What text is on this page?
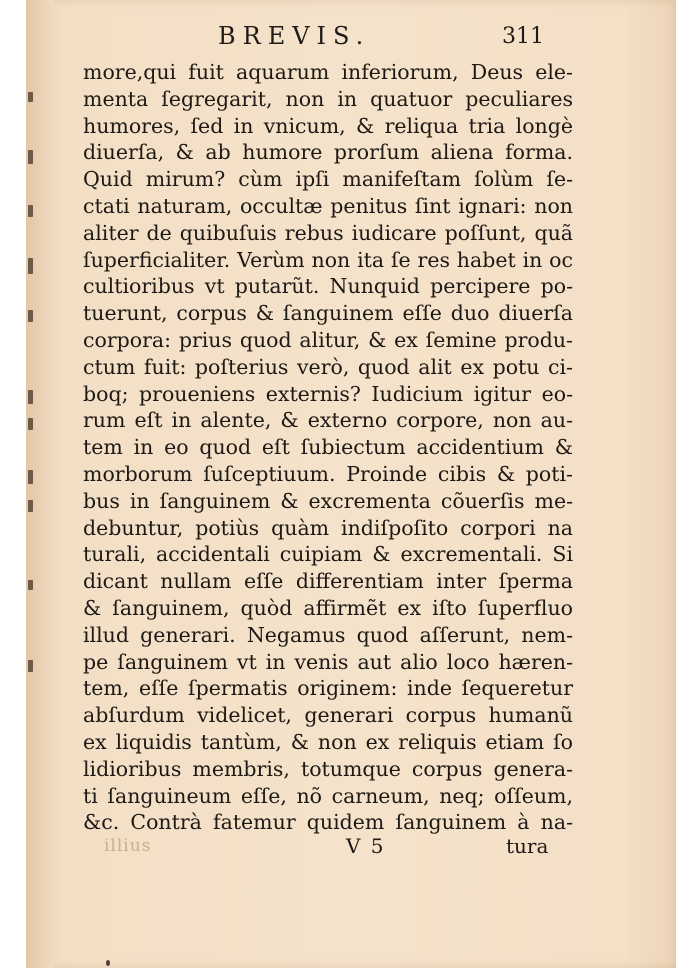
BREVIS.	311
more,qui fuit aquarum inferiorum, Deus ele-
menta ſegregarit, non in quatuor peculiares
humores, ſed in vnicum, & reliqua tria longè
diuerſa, & ab humore prorſum aliena forma.
Quid mirum? cùm ipſi manifeſtam ſolùm ſe-
ctati naturam, occultæ penitus ſint ignari: non
aliter de quibuſuis rebus iudicare poſſunt, quã
ſuperficialiter. Verùm non ita ſe res habet in oc
cultioribus vt putarũt. Nunquid percipere po-
tuerunt, corpus & ſanguinem eſſe duo diuerſa
corpora: prius quod alitur, & ex ſemine produ-
ctum fuit: poſterius verò, quod alit ex potu ci-
boq; proueniens externis? Iudicium igitur eo-
rum eſt in alente, & externo corpore, non au-
tem in eo quod eſt ſubiectum accidentium &
morborum ſuſceptiuum. Proinde cibis & poti-
bus in ſanguinem & excrementa cõuerſis me-
debuntur, potiùs quàm indiſpoſito corpori na
turali, accidentali cuipiam & excrementali. Si
dicant nullam eſſe differentiam inter ſperma
& ſanguinem, quòd affirmẽt ex iſto ſuperfluo
illud generari. Negamus quod aſſerunt, nem-
pe ſanguinem vt in venis aut alio loco hæren-
tem, eſſe ſpermatis originem: inde ſequeretur
abſurdum videlicet, generari corpus humanũ
ex liquidis tantùm, & non ex reliquis etiam ſo
lidioribus membris, totumque corpus genera-
ti ſanguineum eſſe, nõ carneum, neq; oſſeum,
&c. Contrà fatemur quidem ſanguinem à na-
illius	V 5	tura
